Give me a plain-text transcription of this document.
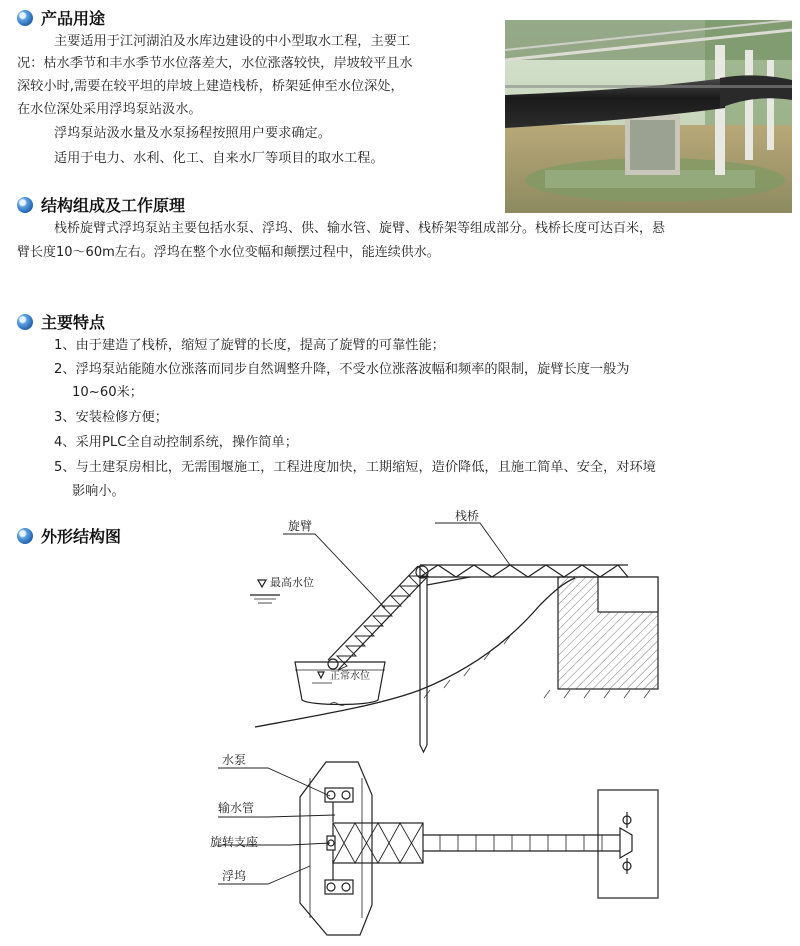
产品用途

主要适用于江河湖泊及水库边建设的中小型取水工程，主要工

况：枯水季节和丰水季节水位落差大，水位涨落较快，岸坡较平且水

深较小时,需要在较平坦的岸坡上建造栈桥，桥架延伸至水位深处，

在水位深处采用浮坞泵站汲水。

浮坞泵站汲水量及水泵扬程按照用户要求确定。

适用于电力、水利、化工、自来水厂等项目的取水工程。

结构组成及工作原理

栈桥旋臂式浮坞泵站主要包括水泵、浮坞、供、输水管、旋臂、栈桥架等组成部分。栈桥长度可达百米，悬

臂长度10～60m左右。浮坞在整个水位变幅和颠摆过程中，能连续供水。

主要特点
1、由于建造了栈桥，缩短了旋臂的长度，提高了旋臂的可靠性能；
2、浮坞泵站能随水位涨落而同步自然调整升降，不受水位涨落波幅和频率的限制，旋臂长度一般为
10~60米；
3、安装检修方便；
4、采用PLC全自动控制系统，操作简单；
5、与土建泵房相比，无需围堰施工，工程进度加快，工期缩短，造价降低，且施工简单、安全，对环境
影响小。
外形结构图
旋臂
栈桥
最高水位
正常水位
水泵
输水管
旋转支座
浮坞
